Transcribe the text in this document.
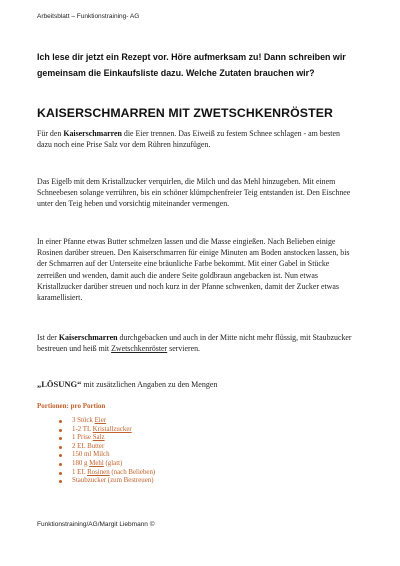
Arbeitsblatt – Funktionstraining- AG
Ich lese dir jetzt ein Rezept vor. Höre aufmerksam zu! Dann schreiben wir gemeinsam die Einkaufsliste dazu. Welche Zutaten brauchen wir?
KAISERSCHMARREN MIT ZWETSCHKENRÖSTER
Für den Kaiserschmarren die Eier trennen. Das Eiweiß zu festem Schnee schlagen - am besten dazu noch eine Prise Salz vor dem Rühren hinzufügen.
Das Eigelb mit dem Kristallzucker verquirlen, die Milch und das Mehl hinzugeben. Mit einem Schneebesen solange verrühren, bis ein schöner klümpchenfreier Teig entstanden ist. Den Eischnee unter den Teig heben und vorsichtig miteinander vermengen.
In einer Pfanne etwas Butter schmelzen lassen und die Masse eingießen. Nach Belieben einige Rosinen darüber streuen. Den Kaiserschmarren für einige Minuten am Boden anstocken lassen, bis der Schmarren auf der Unterseite eine bräunliche Farbe bekommt. Mit einer Gabel in Stücke zerreißen und wenden, damit auch die andere Seite goldbraun angebacken ist. Nun etwas Kristallzucker darüber streuen und noch kurz in der Pfanne schwenken, damit der Zucker etwas karamellisiert.
Ist der Kaiserschmarren durchgebacken und auch in der Mitte nicht mehr flüssig, mit Staubzucker bestreuen und heiß mit Zwetschkenröster servieren.
„LÖSUNG“ mit zusätzlichen Angaben zu den Mengen
Portionen: pro Portion
3 Stück Eier
1-2 TL Kristallzucker
1 Prise Salz
2 EL Butter
150 ml Milch
180 g Mehl (glatt)
1 EL Rosinen (nach Belieben)
Staubzucker (zum Bestreuen)
Funktionstraining/AG/Margit Liebmann ©
